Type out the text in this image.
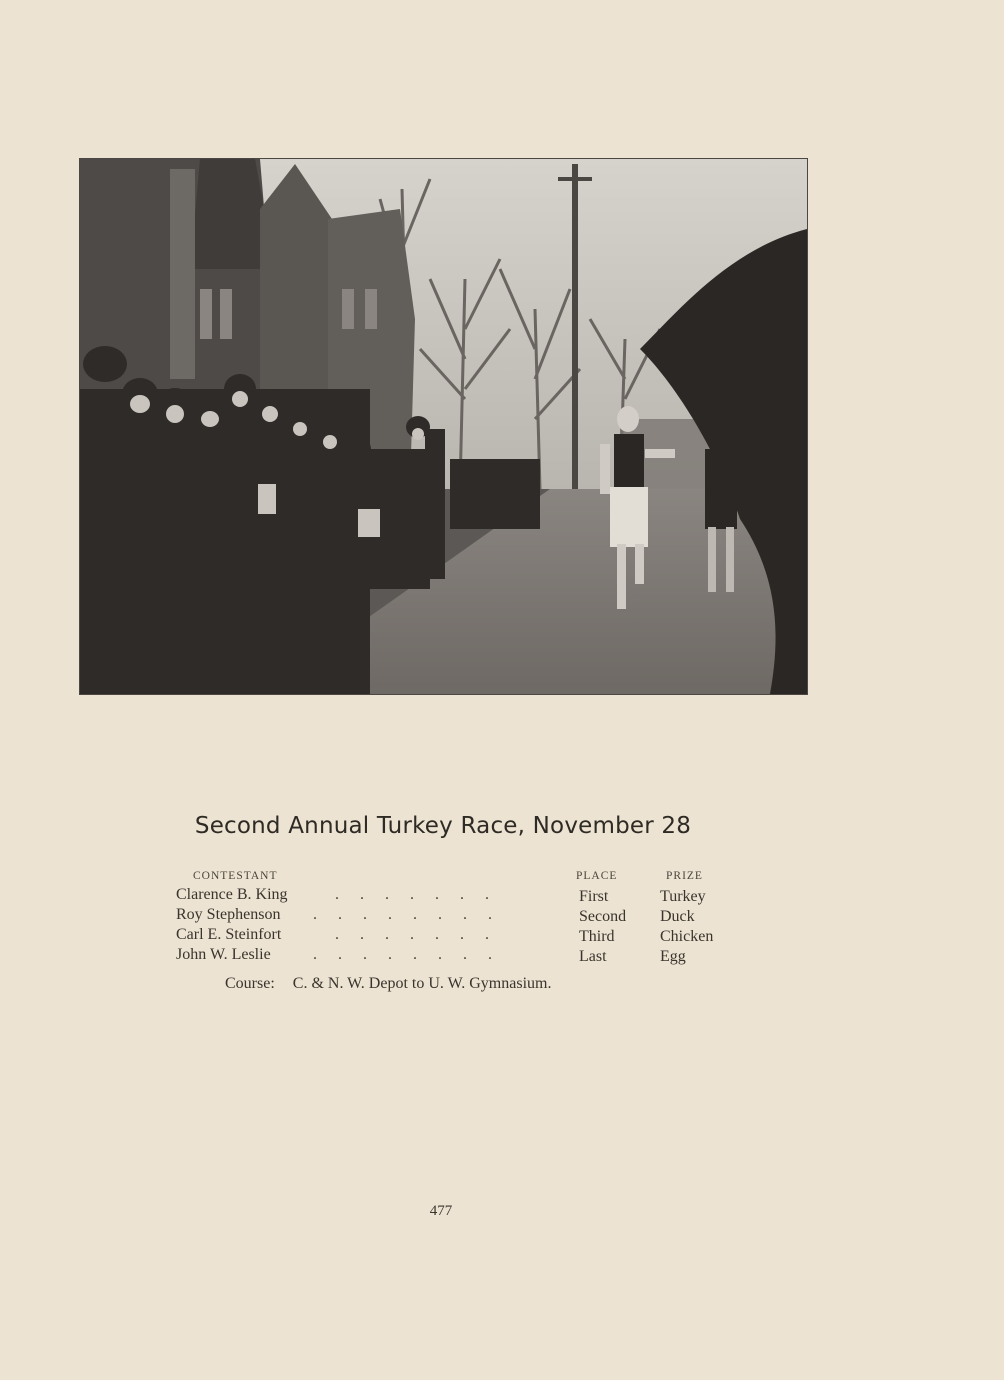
Second Annual Turkey Race, November 28
CONTESTANT	PLACE	PRIZE
Clarence B. King	. . . . . . .	First	Turkey
Roy Stephenson . . . . . . . .	Second Duck
Carl E. Steinfort	. . . . . . .	Third	Chicken
John W. Leslie	. . . . . . . .	Last	Egg
Course: C. & N. W. Depot to U. W. Gymnasium.
477
